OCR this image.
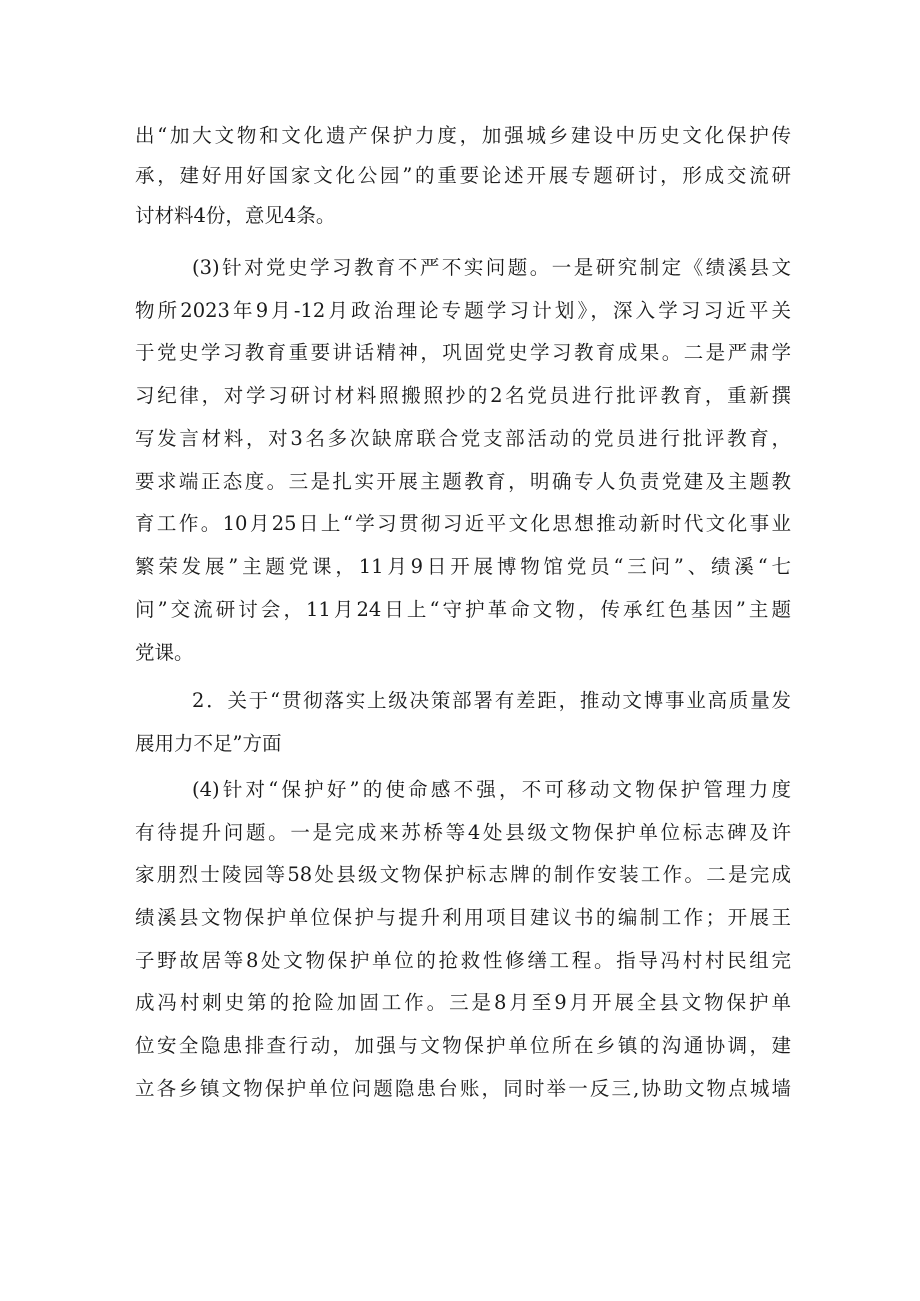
出“加大文物和文化遗产保护力度，加强城乡建设中历史文化保护传
承，建好用好国家文化公园”的重要论述开展专题研讨，形成交流研
讨材料4份，意见4条。
(3)针对党史学习教育不严不实问题。一是研究制定《绩溪县文
物所2023年9月-12月政治理论专题学习计划》，深入学习习近平关
于党史学习教育重要讲话精神，巩固党史学习教育成果。二是严肃学
习纪律，对学习研讨材料照搬照抄的2名党员进行批评教育，重新撰
写发言材料，对3名多次缺席联合党支部活动的党员进行批评教育，
要求端正态度。三是扎实开展主题教育，明确专人负责党建及主题教
育工作。10月25日上“学习贯彻习近平文化思想推动新时代文化事业
繁荣发展”主题党课，11月9日开展博物馆党员“三问”、绩溪“七
问”交流研讨会，11月24日上“守护革命文物，传承红色基因”主题
党课。
2．关于“贯彻落实上级决策部署有差距，推动文博事业高质量发
展用力不足”方面
(4)针对“保护好”的使命感不强，不可移动文物保护管理力度
有待提升问题。一是完成来苏桥等4处县级文物保护单位标志碑及许
家朋烈士陵园等58处县级文物保护标志牌的制作安装工作。二是完成
绩溪县文物保护单位保护与提升利用项目建议书的编制工作；开展王
子野故居等8处文物保护单位的抢救性修缮工程。指导冯村村民组完
成冯村刺史第的抢险加固工作。三是8月至9月开展全县文物保护单
位安全隐患排查行动，加强与文物保护单位所在乡镇的沟通协调，建
立各乡镇文物保护单位问题隐患台账，同时举一反三,协助文物点城墙
